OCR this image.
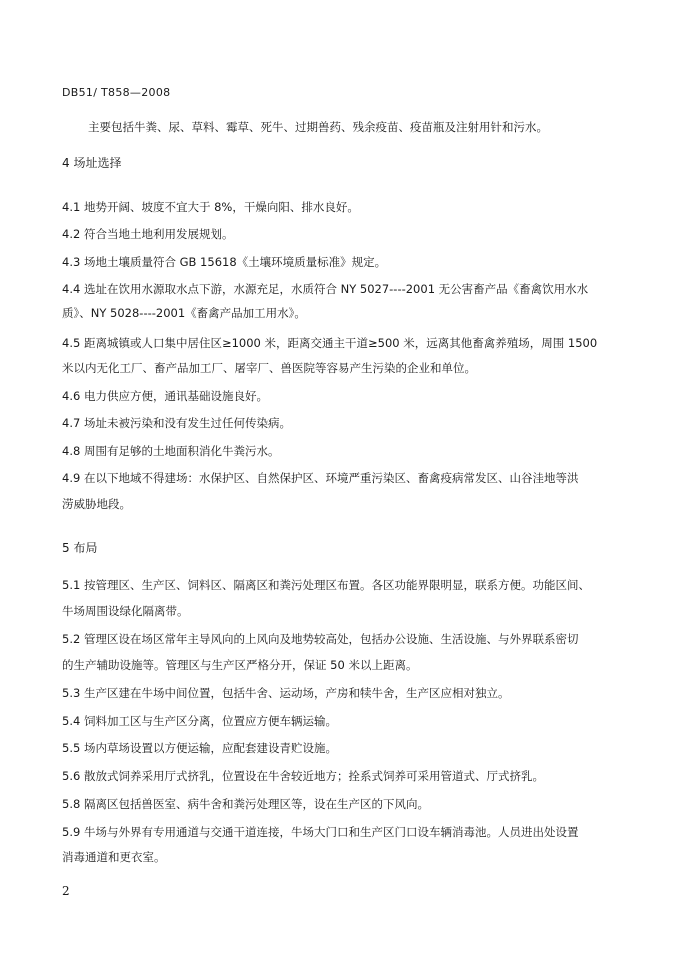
DB51/ T858—2008
主要包括牛粪、尿、草料、霉草、死牛、过期兽药、残余疫苗、疫苗瓶及注射用针和污水。
4 场址选择
4.1 地势开阔、坡度不宜大于 8%，干燥向阳、排水良好。
4.2 符合当地土地利用发展规划。
4.3 场地土壤质量符合 GB 15618《土壤环境质量标准》规定。
4.4 选址在饮用水源取水点下游，水源充足，水质符合 NY 5027----2001 无公害畜产品《畜禽饮用水水
质》、NY 5028----2001《畜禽产品加工用水》。
4.5 距离城镇或人口集中居住区≥1000 米，距离交通主干道≥500 米，远离其他畜禽养殖场，周围 1500
米以内无化工厂、畜产品加工厂、屠宰厂、兽医院等容易产生污染的企业和单位。
4.6 电力供应方便，通讯基础设施良好。
4.7 场址未被污染和没有发生过任何传染病。
4.8 周围有足够的土地面积消化牛粪污水。
4.9 在以下地域不得建场：水保护区、自然保护区、环境严重污染区、畜禽疫病常发区、山谷洼地等洪
涝威胁地段。
5 布局
5.1 按管理区、生产区、饲料区、隔离区和粪污处理区布置。各区功能界限明显，联系方便。功能区间、
牛场周围设绿化隔离带。
5.2 管理区设在场区常年主导风向的上风向及地势较高处，包括办公设施、生活设施、与外界联系密切
的生产辅助设施等。管理区与生产区严格分开，保证 50 米以上距离。
5.3 生产区建在牛场中间位置，包括牛舍、运动场，产房和犊牛舍，生产区应相对独立。
5.4 饲料加工区与生产区分离，位置应方便车辆运输。
5.5 场内草场设置以方便运输，应配套建设青贮设施。
5.6 散放式饲养采用厅式挤乳，位置设在牛舍较近地方；拴系式饲养可采用管道式、厅式挤乳。
5.8 隔离区包括兽医室、病牛舍和粪污处理区等，设在生产区的下风向。
5.9 牛场与外界有专用通道与交通干道连接，牛场大门口和生产区门口设车辆消毒池。人员进出处设置
消毒通道和更衣室。
2
